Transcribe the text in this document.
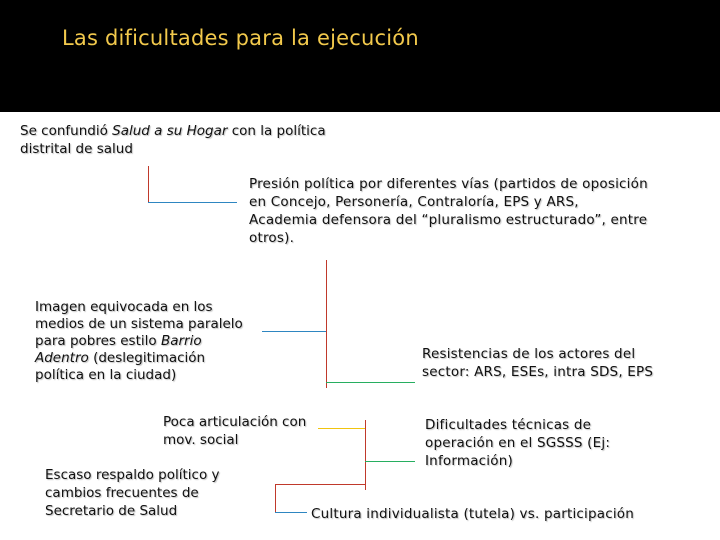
Las dificultades para la ejecución
Se confundió Salud a su Hogar con la política
distrital de salud
Presión política por diferentes vías (partidos de oposición
en Concejo, Personería, Contraloría, EPS y ARS,
Academia defensora del “pluralismo estructurado”, entre
otros).
Imagen equivocada en los
medios de un sistema paralelo
para pobres estilo Barrio
Adentro (deslegitimación
política en la ciudad)
Resistencias de los actores del
sector: ARS, ESEs, intra SDS, EPS
Poca articulación con
mov. social
Dificultades técnicas de
operación en el SGSSS (Ej:
Información)
Escaso respaldo político y
cambios frecuentes de
Secretario de Salud	Cultura individualista (tutela) vs. participación
